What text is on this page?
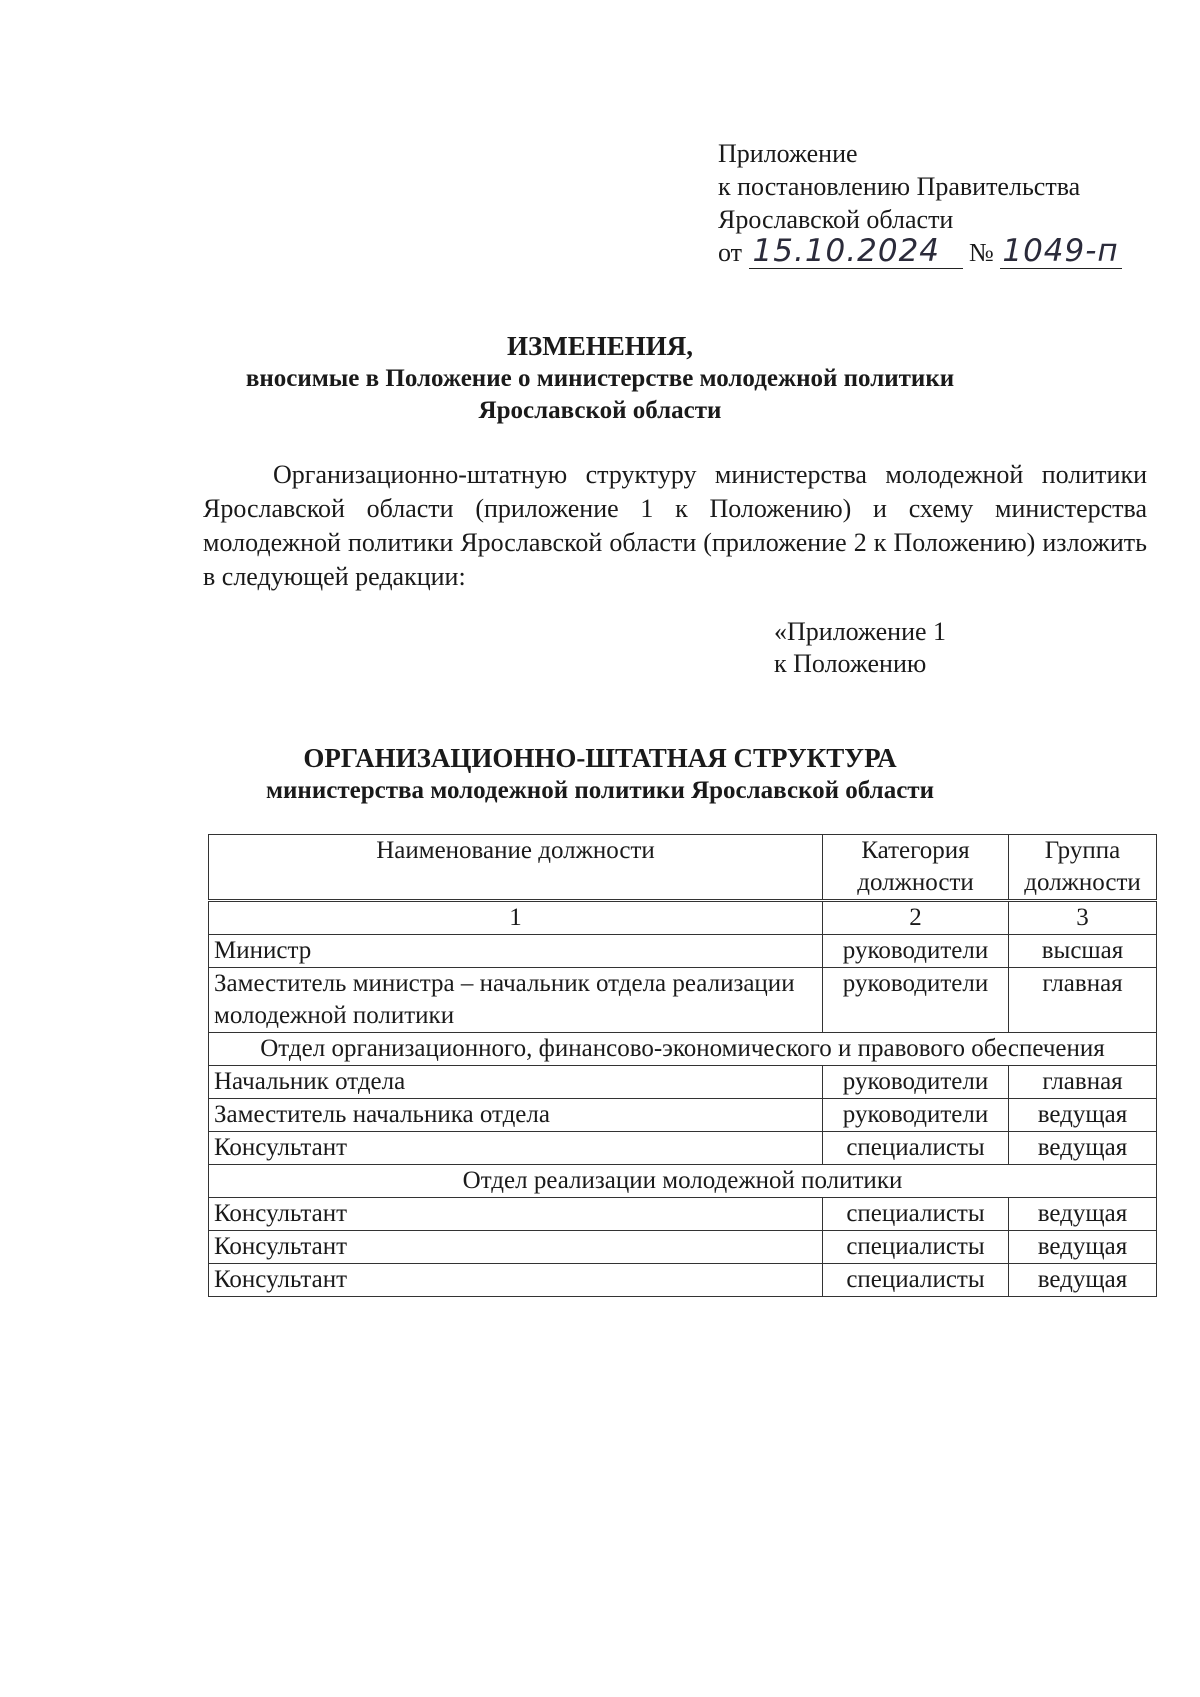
Приложение
к постановлению Правительства
Ярославской области
от 15.10.2024 № 1049-п
ИЗМЕНЕНИЯ,
вносимые в Положение о министерстве молодежной политики
Ярославской области
Организационно-штатную структуру министерства молодежной политики Ярославской области (приложение 1 к Положению) и схему министерства молодежной политики Ярославской области (приложение 2 к Положению) изложить в следующей редакции:
«Приложение 1
к Положению
ОРГАНИЗАЦИОННО-ШТАТНАЯ СТРУКТУРА
министерства молодежной политики Ярославской области
Наименование должности	Категория должности	Группа должности
1	2	3
Министр	руководители	высшая
Заместитель министра – начальник отдела реализации молодежной политики	руководители	главная
Отдел организационного, финансово-экономического и правового обеспечения		
Начальник отдела	руководители	главная
Заместитель начальника отдела	руководители	ведущая
Консультант	специалисты	ведущая
Отдел реализации молодежной политики		
Консультант	специалисты	ведущая
Консультант	специалисты	ведущая
Консультант	специалисты	ведущая
